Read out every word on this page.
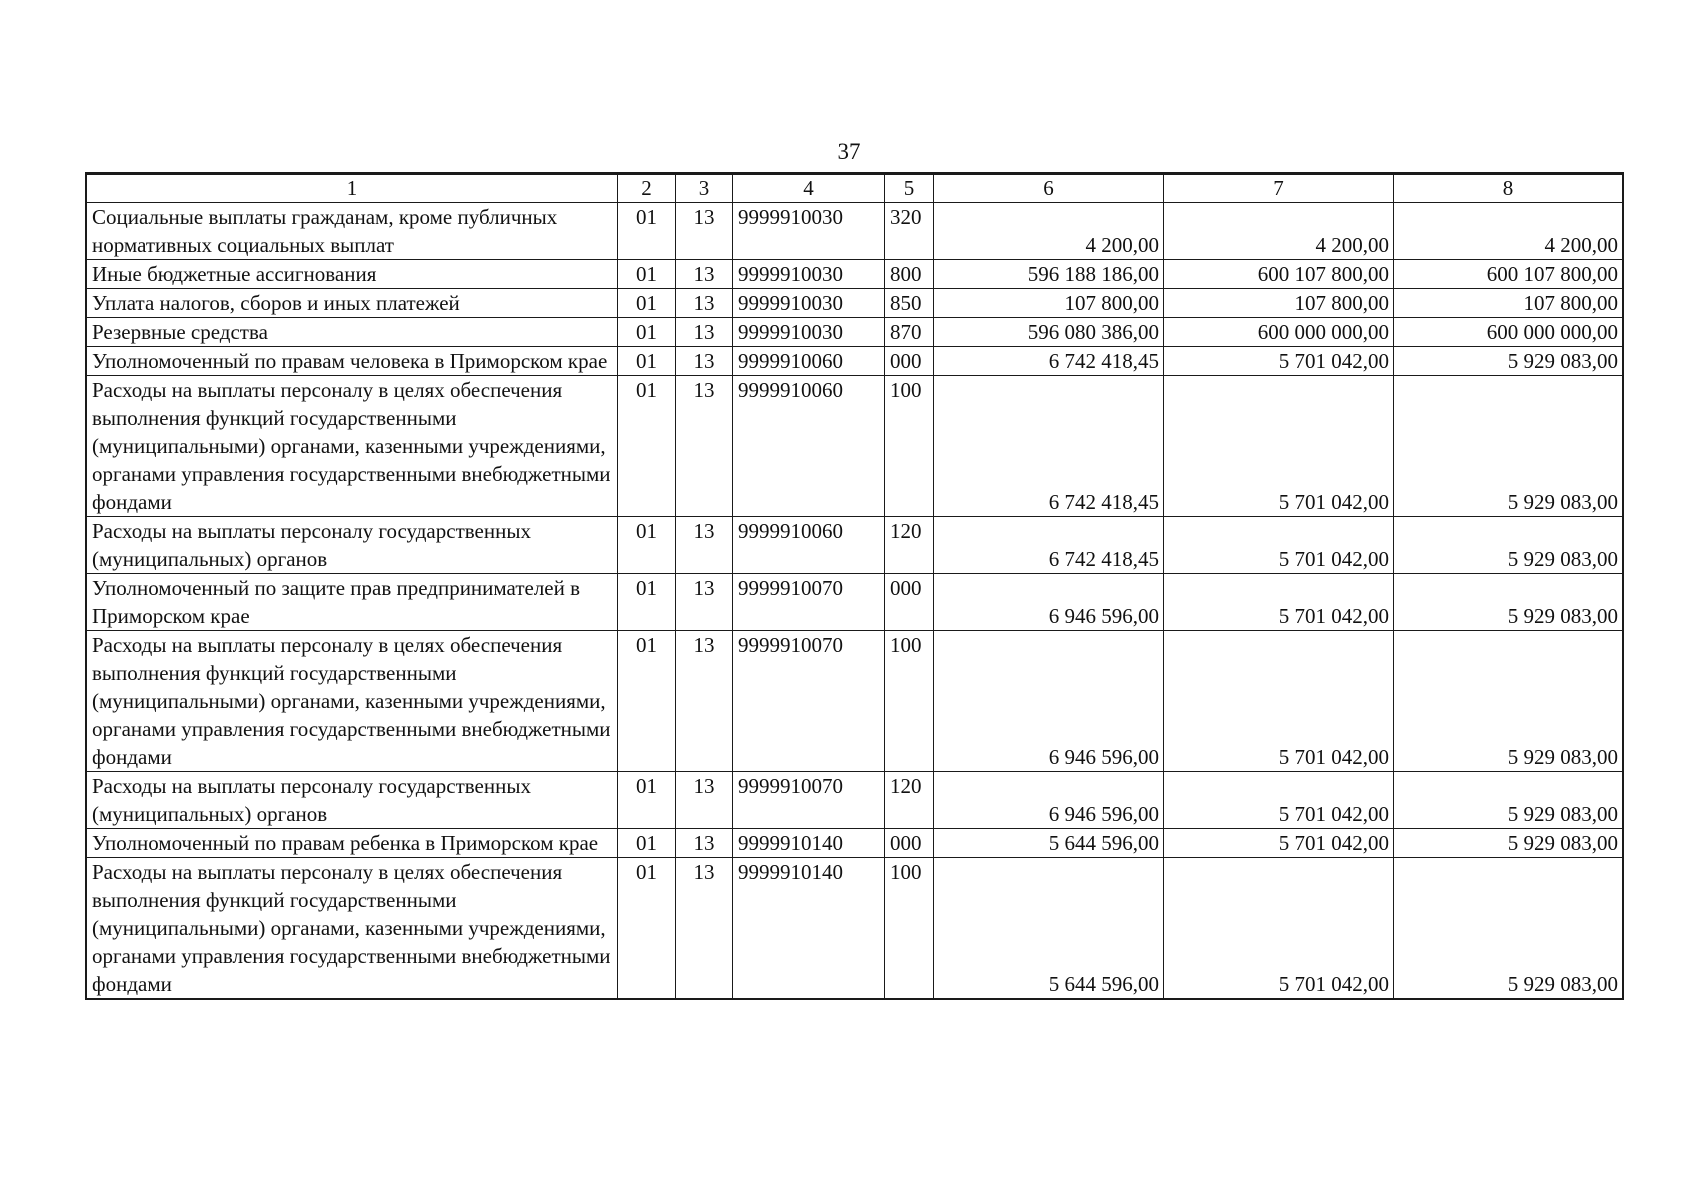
37
1	2	3	4	5	6	7	8
Социальные выплаты гражданам, кроме публичных нормативных социальных выплат	01	13	9999910030	320	4 200,00	4 200,00	4 200,00
Иные бюджетные ассигнования	01	13	9999910030	800	596 188 186,00	600 107 800,00	600 107 800,00
Уплата налогов, сборов и иных платежей	01	13	9999910030	850	107 800,00	107 800,00	107 800,00
Резервные средства	01	13	9999910030	870	596 080 386,00	600 000 000,00	600 000 000,00
Уполномоченный по правам человека в Приморском крае	01	13	9999910060	000	6 742 418,45	5 701 042,00	5 929 083,00
Расходы на выплаты персоналу в целях обеспечения выполнения функций государственными (муниципальными) органами, казенными учреждениями, органами управления государственными внебюджетными фондами	01	13	9999910060	100	6 742 418,45	5 701 042,00	5 929 083,00
Расходы на выплаты персоналу государственных (муниципальных) органов	01	13	9999910060	120	6 742 418,45	5 701 042,00	5 929 083,00
Уполномоченный по защите прав предпринимателей в Приморском крае	01	13	9999910070	000	6 946 596,00	5 701 042,00	5 929 083,00
Расходы на выплаты персоналу в целях обеспечения выполнения функций государственными (муниципальными) органами, казенными учреждениями, органами управления государственными внебюджетными фондами	01	13	9999910070	100	6 946 596,00	5 701 042,00	5 929 083,00
Расходы на выплаты персоналу государственных (муниципальных) органов	01	13	9999910070	120	6 946 596,00	5 701 042,00	5 929 083,00
Уполномоченный по правам ребенка в Приморском крае	01	13	9999910140	000	5 644 596,00	5 701 042,00	5 929 083,00
Расходы на выплаты персоналу в целях обеспечения выполнения функций государственными (муниципальными) органами, казенными учреждениями, органами управления государственными внебюджетными фондами	01	13	9999910140	100	5 644 596,00	5 701 042,00	5 929 083,00
